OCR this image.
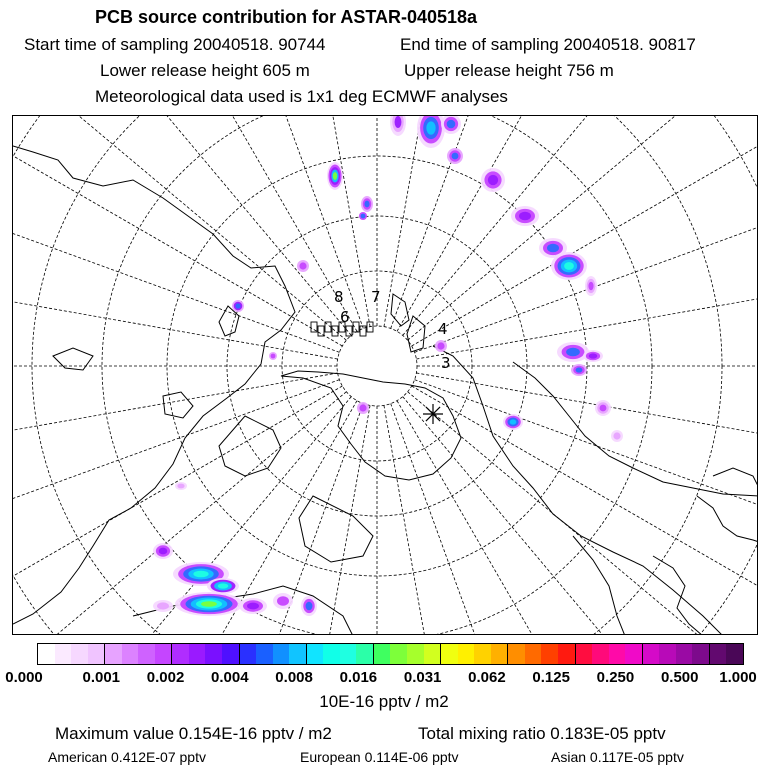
PCB source contribution for ASTAR-040518a
Start time of sampling 20040518. 90744	End time of sampling 20040518. 90817
Lower release height 605 m	Upper release height 756 m
Meteorological data used is 1x1 deg ECMWF analyses
8 7
6
4
3
0.000	0.001 0.002 0.004 0.008 0.016 0.031 0.062 0.125 0.250 0.500 1.000
10E-16 pptv / m2
Maximum value 0.154E-16 pptv / m2	Total mixing ratio 0.183E-05 pptv
American 0.412E-07 pptv	European 0.114E-06 pptv	Asian 0.117E-05 pptv
